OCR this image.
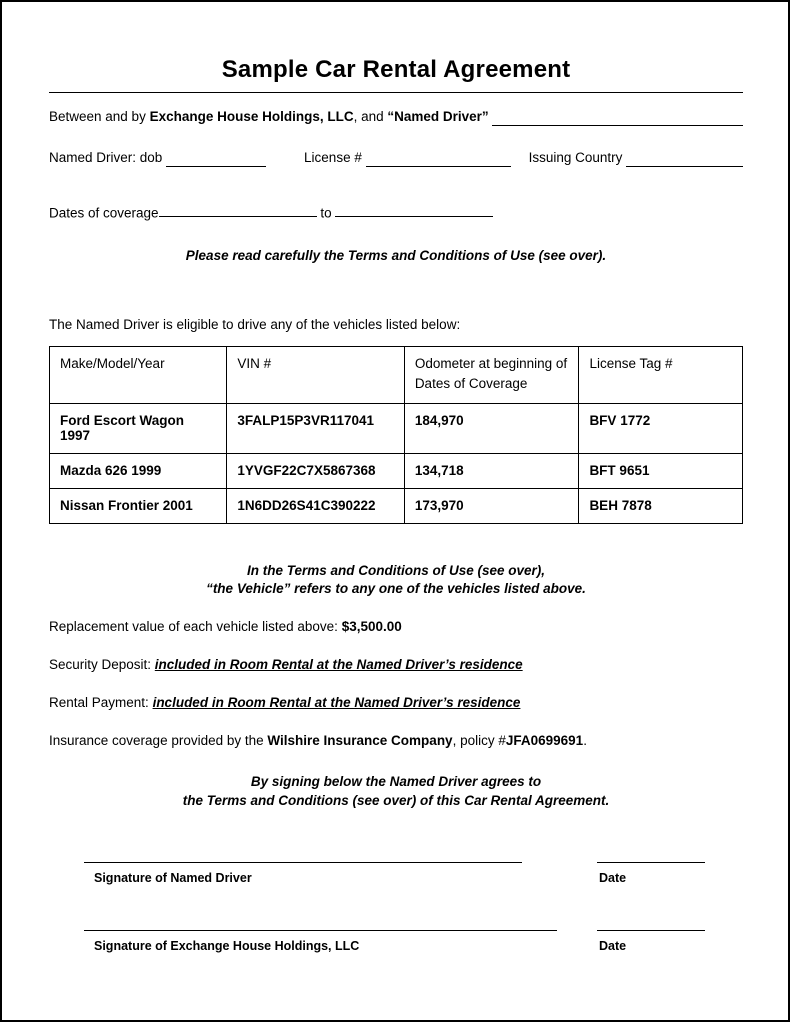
Sample Car Rental Agreement

Between and by Exchange House Holdings, LLC , and “Named Driver”

Named Driver: dob	License #	Issuing Country

Dates of coverage	to

Please read carefully the Terms and Conditions of Use (see over).

The Named Driver is eligible to drive any of the vehicles listed below:

Make/Model/Year	VIN #	Odometer at beginning of Dates of Coverage	License Tag #
Ford Escort Wagon 1997	3FALP15P3VR117041	184,970	BFV 1772
Mazda 626 1999	1YVGF22C7X5867368	134,718	BFT 9651
Nissan Frontier 2001	1N6DD26S41C390222	173,970	BEH 7878
In the Terms and Conditions of Use (see over),
“the Vehicle” refers to any one of the vehicles listed above.

Replacement value of each vehicle listed above: $3,500.00

Security Deposit: included in Room Rental at the Named Driver’s residence

Rental Payment: included in Room Rental at the Named Driver’s residence

Insurance coverage provided by the Wilshire Insurance Company, policy #JFA0699691.

By signing below the Named Driver agrees to
the Terms and Conditions (see over) of this Car Rental Agreement.
Signature of Named Driver	Date
Signature of Exchange House Holdings, LLC	Date
